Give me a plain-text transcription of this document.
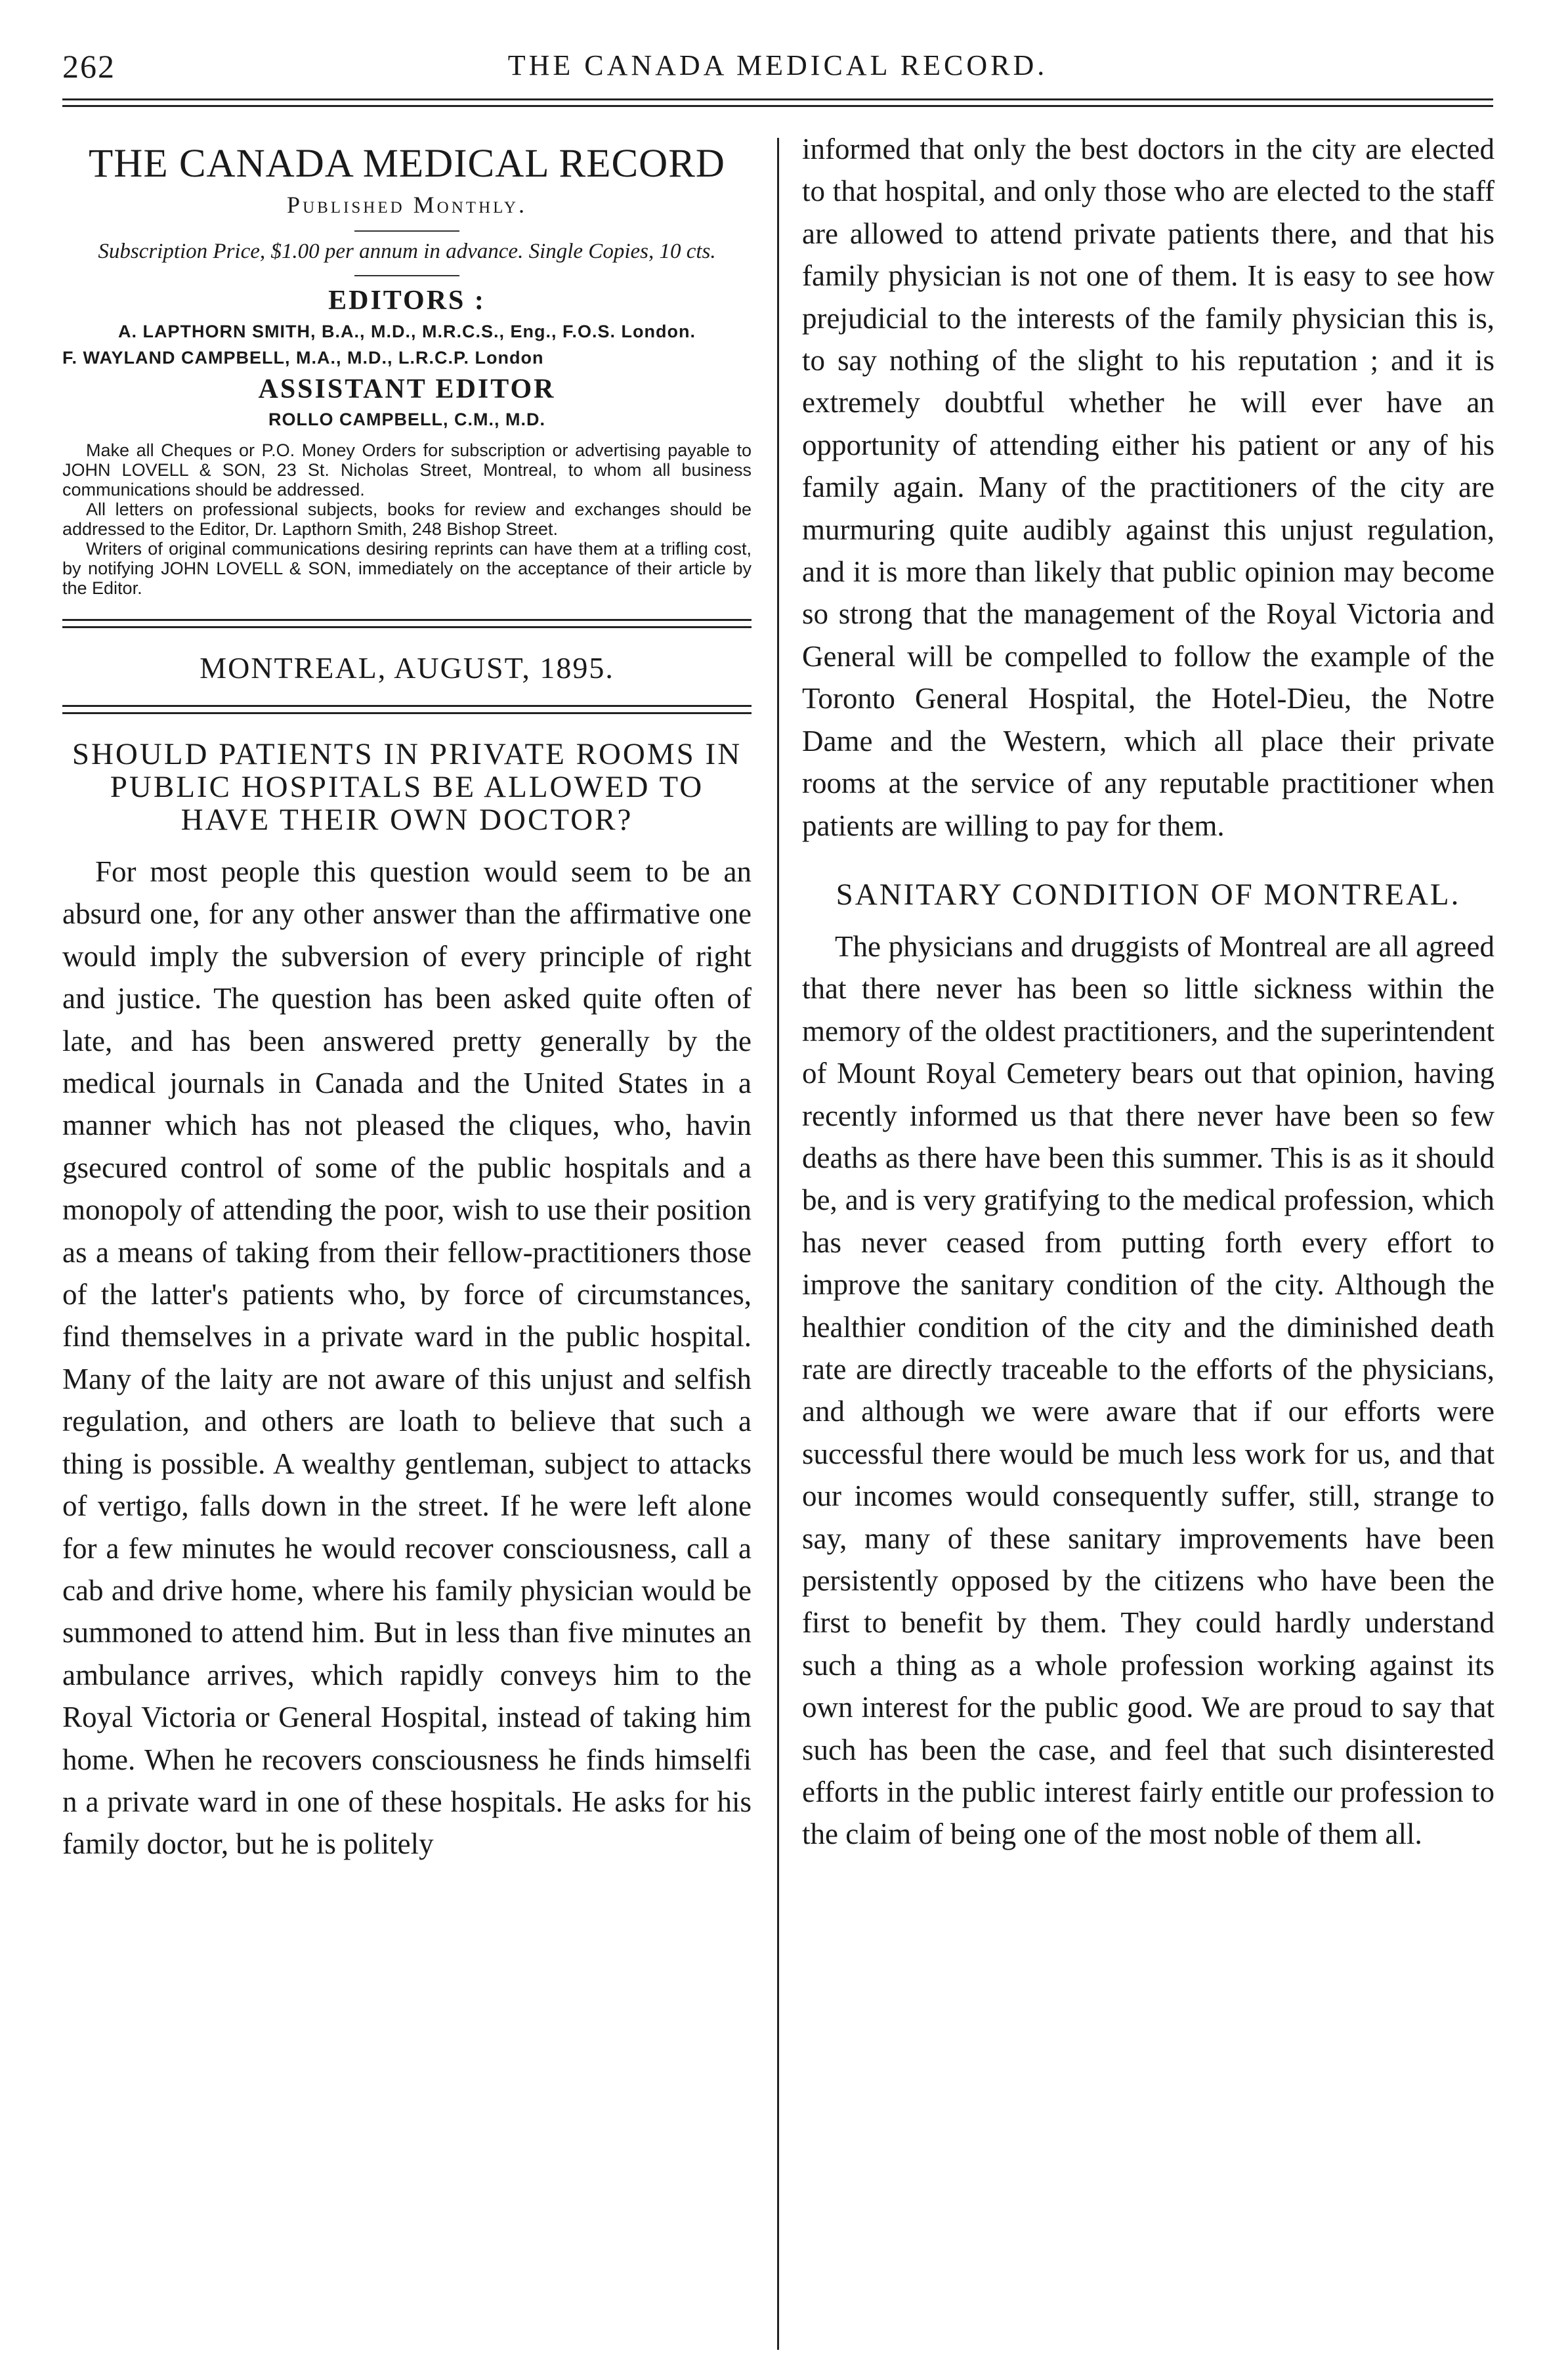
262	THE CANADA MEDICAL RECORD.
THE CANADA MEDICAL RECORD
Published Monthly.
Subscription Price, $1.00 per annum in advance. Single Copies, 10 cts.
EDITORS :
A. LAPTHORN SMITH, B.A., M.D., M.R.C.S., Eng., F.O.S. London.
F. WAYLAND CAMPBELL, M.A., M.D., L.R.C.P. London
ASSISTANT EDITOR
ROLLO CAMPBELL, C.M., M.D.

Make all Cheques or P.O. Money Orders for subscription or advertising payable to JOHN LOVELL & SON, 23 St. Nicholas Street, Montreal, to whom all business communications should be addressed.

All letters on professional subjects, books for review and exchanges should be addressed to the Editor, Dr. Lapthorn Smith, 248 Bishop Street.

Writers of original communications desiring reprints can have them at a trifling cost, by notifying JOHN LOVELL & SON, immediately on the acceptance of their article by the Editor.

MONTREAL, AUGUST, 1895.
SHOULD PATIENTS IN PRIVATE ROOMS IN PUBLIC HOSPITALS BE ALLOWED TO HAVE THEIR OWN DOCTOR?

For most people this question would seem to be an absurd one, for any other answer than the affirmative one would imply the subversion of every principle of right and justice. The question has been asked quite often of late, and has been answered pretty generally by the medical journals in Canada and the United States in a manner which has not pleased the cliques, who, havin gsecured control of some of the public hospitals and a monopoly of attending the poor, wish to use their position as a means of taking from their fellow-practitioners those of the latter's patients who, by force of circumstances, find themselves in a private ward in the public hospital. Many of the laity are not aware of this unjust and selfish regulation, and others are loath to believe that such a thing is possible. A wealthy gentleman, subject to attacks of vertigo, falls down in the street. If he were left alone for a few minutes he would recover consciousness, call a cab and drive home, where his family physician would be summoned to attend him. But in less than five minutes an ambulance arrives, which rapidly conveys him to the Royal Victoria or General Hospital, instead of taking him home. When he recovers consciousness he finds himselfi n a private ward in one of these hospitals. He asks for his family doctor, but he is politely

informed that only the best doctors in the city are elected to that hospital, and only those who are elected to the staff are allowed to attend private patients there, and that his family physician is not one of them. It is easy to see how prejudicial to the interests of the family physician this is, to say nothing of the slight to his reputation ; and it is extremely doubtful whether he will ever have an opportunity of attending either his patient or any of his family again. Many of the practitioners of the city are murmuring quite audibly against this unjust regulation, and it is more than likely that public opinion may become so strong that the management of the Royal Victoria and General will be compelled to follow the example of the Toronto General Hospital, the Hotel-Dieu, the Notre Dame and the Western, which all place their private rooms at the service of any reputable practitioner when patients are willing to pay for them.

SANITARY CONDITION OF MONTREAL.

The physicians and druggists of Montreal are all agreed that there never has been so little sickness within the memory of the oldest practitioners, and the superintendent of Mount Royal Cemetery bears out that opinion, having recently informed us that there never have been so few deaths as there have been this summer. This is as it should be, and is very gratifying to the medical profession, which has never ceased from putting forth every effort to improve the sanitary condition of the city. Although the healthier condition of the city and the diminished death rate are directly traceable to the efforts of the physicians, and although we were aware that if our efforts were successful there would be much less work for us, and that our incomes would consequently suffer, still, strange to say, many of these sanitary improvements have been persistently opposed by the citizens who have been the first to benefit by them. They could hardly understand such a thing as a whole profession working against its own interest for the public good. We are proud to say that such has been the case, and feel that such disinterested efforts in the public interest fairly entitle our profession to the claim of being one of the most noble of them all.
